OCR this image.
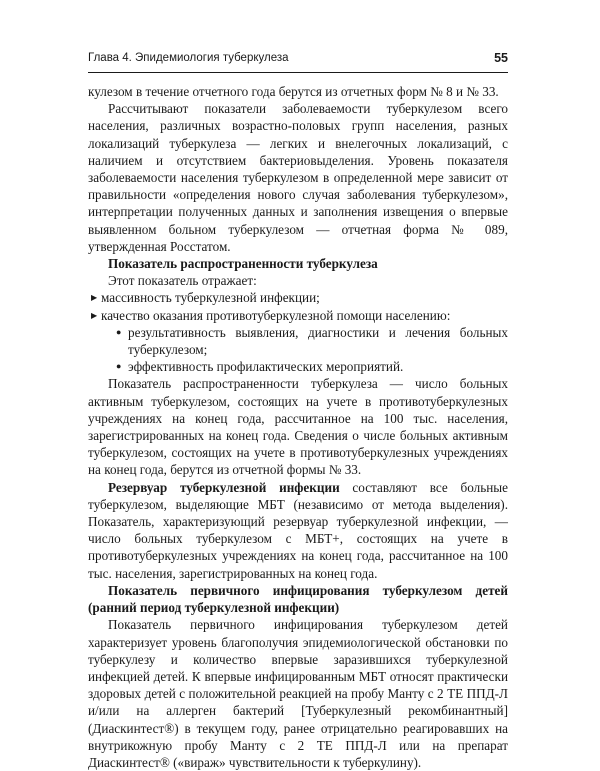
Глава 4. Эпидемиология туберкулеза	55

кулезом в течение отчетного года берутся из отчетных форм № 8 и № 33.

Рассчитывают показатели заболеваемости туберкулезом всего населения, различных возрастно-половых групп населения, разных локализаций туберкулеза — легких и внелегочных локализаций, с наличием и отсутствием бактериовыделения. Уровень показателя заболеваемости населения туберкулезом в определенной мере зависит от правильности «определения нового случая заболевания туберкулезом», интерпретации полученных данных и заполнения извещения о впервые выявленном больном туберкулезом — отчетная форма № 089, утвержденная Росстатом.

Показатель распространенности туберкулеза

Этот показатель отражает:

▶ массивность туберкулезной инфекции;
▶ качество оказания противотуберкулезной помощи населению:
● результативность выявления, диагностики и лечения больных туберкулезом;
● эффективность профилактических мероприятий.

Показатель распространенности туберкулеза — число больных активным туберкулезом, состоящих на учете в противотуберкулезных учреждениях на конец года, рассчитанное на 100 тыс. населения, зарегистрированных на конец года. Сведения о числе больных активным туберкулезом, состоящих на учете в противотуберкулезных учреждениях на конец года, берутся из отчетной формы № 33.

Резервуар туберкулезной инфекции составляют все больные туберкулезом, выделяющие МБТ (независимо от метода выделения). Показатель, характеризующий резервуар туберкулезной инфекции, — число больных туберкулезом с МБТ+, состоящих на учете в противотуберкулезных учреждениях на конец года, рассчитанное на 100 тыс. населения, зарегистрированных на конец года.

Показатель первичного инфицирования туберкулезом детей (ранний период туберкулезной инфекции)

Показатель первичного инфицирования туберкулезом детей характеризует уровень благополучия эпидемиологической обстановки по туберкулезу и количество впервые заразившихся туберкулезной инфекцией детей. К впервые инфицированным МБТ относят практически здоровых детей с положительной реакцией на пробу Манту с 2 ТЕ ППД-Л и/или на аллерген бактерий [Туберкулезный рекомбинантный] (Диаскинтест®) в текущем году, ранее отрицательно реагировавших на внутрикожную пробу Манту с 2 ТЕ ППД-Л или на препарат Диаскинтест® («вираж» чувствительности к туберкулину).
